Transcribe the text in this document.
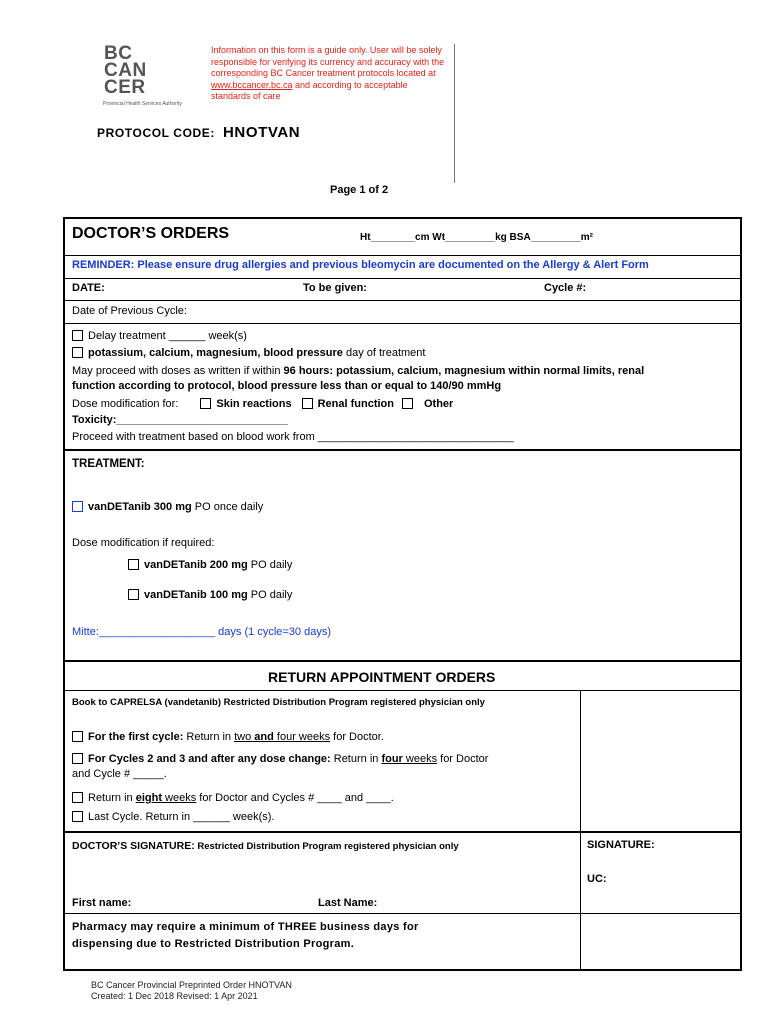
BC
CAN
CER
Provincial Health Services Authority
Information on this form is a guide only. User will be solely responsible for verifying its currency and accuracy with the corresponding BC Cancer treatment protocols located at www.bccancer.bc.ca and according to acceptable standards of care
PROTOCOL CODE: HNOTVAN
Page 1 of 2
DOCTOR’S ORDERS	Ht________cm Wt_________kg BSA_________m²
REMINDER: Please ensure drug allergies and previous bleomycin are documented on the Allergy & Alert Form
DATE:	To be given:	Cycle #:
Date of Previous Cycle:
Delay treatment ______ week(s)
potassium, calcium, magnesium, blood pressure day of treatment
May proceed with doses as written if within 96 hours: potassium, calcium, magnesium within normal limits, renal
function according to protocol, blood pressure less than or equal to 140/90 mmHg
Dose modification for:	Skin reactions Renal function	Other
Toxicity:____________________________
Proceed with treatment based on blood work from ________________________________
TREATMENT:
vanDETanib 300 mg PO once daily
Dose modification if required:
vanDETanib 200 mg PO daily
vanDETanib 100 mg PO daily
Mitte:___________________ days (1 cycle=30 days)
RETURN APPOINTMENT ORDERS
Book to CAPRELSA (vandetanib) Restricted Distribution Program registered physician only
For the first cycle: Return in two and four weeks for Doctor.
For Cycles 2 and 3 and after any dose change: Return in four weeks for Doctor
and Cycle # _____.
Return in eight weeks for Doctor and Cycles # ____ and ____.
Last Cycle. Return in ______ week(s).
DOCTOR’S SIGNATURE: Restricted Distribution Program registered physician only	SIGNATURE:
UC:
First name:	Last Name:
Pharmacy may require a minimum of THREE business days for
dispensing due to Restricted Distribution Program.
BC Cancer Provincial Preprinted Order HNOTVAN
Created: 1 Dec 2018 Revised: 1 Apr 2021
